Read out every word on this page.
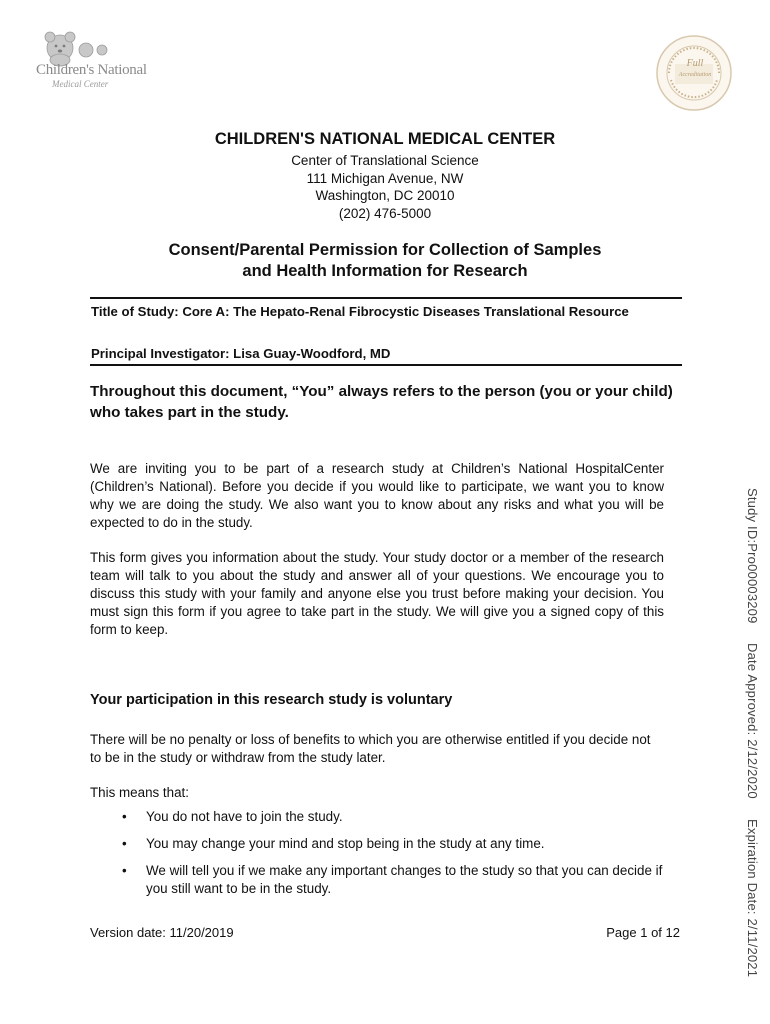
Children's National
Medical Center
Full
Accreditation
CHILDREN'S NATIONAL MEDICAL CENTER
Center of Translational Science
111 Michigan Avenue, NW
Washington, DC 20010
(202) 476-5000
Consent/Parental Permission for Collection of Samples
and Health Information for Research
Title of Study: Core A: The Hepato-Renal Fibrocystic Diseases Translational Resource
Principal Investigator: Lisa Guay-Woodford, MD
Throughout this document, “You” always refers to the person (you or your child) who takes part in the study.
We are inviting you to be part of a research study at Children’s National HospitalCenter (Children’s National). Before you decide if you would like to participate, we want you to know why we are doing the study. We also want you to know about any risks and what you will be expected to do in the study.
This form gives you information about the study. Your study doctor or a member of the research team will talk to you about the study and answer all of your questions. We encourage you to discuss this study with your family and anyone else you trust before making your decision. You must sign this form if you agree to take part in the study. We will give you a signed copy of this form to keep.
Your participation in this research study is voluntary
There will be no penalty or loss of benefits to which you are otherwise entitled if you decide not to be in the study or withdraw from the study later.
This means that:
• You do not have to join the study.
• You may change your mind and stop being in the study at any time.
• We will tell you if we make any important changes to the study so that you can decide if you still want to be in the study.
Version date: 11/20/2019	Page 1 of 12
Study ID:Pro00003209 Date Approved: 2/12/2020 Expiration Date: 2/11/2021
